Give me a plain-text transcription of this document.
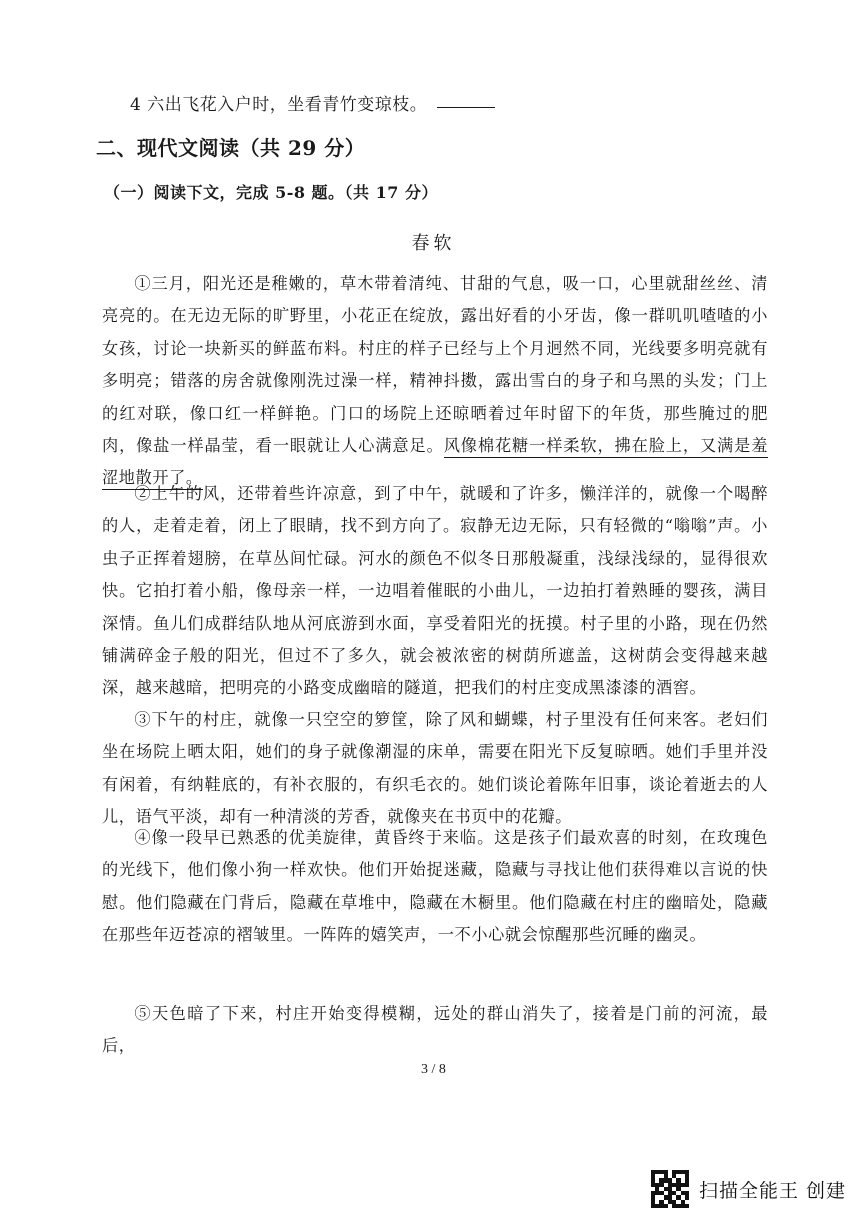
4 六出飞花入户时，坐看青竹变琼枝。
二、现代文阅读（共 29 分）
（一）阅读下文，完成 5-8 题。（共 17 分）
春软

①三月，阳光还是稚嫩的，草木带着清纯、甘甜的气息，吸一口，心里就甜丝丝、清亮亮的。在无边无际的旷野里，小花正在绽放，露出好看的小牙齿，像一群叽叽喳喳的小女孩，讨论一块新买的鲜蓝布料。村庄的样子已经与上个月迥然不同，光线要多明亮就有多明亮；错落的房舍就像刚洗过澡一样，精神抖擞，露出雪白的身子和乌黑的头发；门上的红对联，像口红一样鲜艳。门口的场院上还晾晒着过年时留下的年货，那些腌过的肥肉，像盐一样晶莹，看一眼就让人心满意足。风像棉花糖一样柔软，拂在脸上，又满是羞涩地散开了。

②上午的风，还带着些许凉意，到了中午，就暖和了许多，懒洋洋的，就像一个喝醉的人，走着走着，闭上了眼睛，找不到方向了。寂静无边无际，只有轻微的“嗡嗡”声。小虫子正挥着翅膀，在草丛间忙碌。河水的颜色不似冬日那般凝重，浅绿浅绿的，显得很欢快。它拍打着小船，像母亲一样，一边唱着催眠的小曲儿，一边拍打着熟睡的婴孩，满目深情。鱼儿们成群结队地从河底游到水面，享受着阳光的抚摸。村子里的小路，现在仍然铺满碎金子般的阳光，但过不了多久，就会被浓密的树荫所遮盖，这树荫会变得越来越深，越来越暗，把明亮的小路变成幽暗的隧道，把我们的村庄变成黑漆漆的酒窖。

③下午的村庄，就像一只空空的箩筐，除了风和蝴蝶，村子里没有任何来客。老妇们坐在场院上晒太阳，她们的身子就像潮湿的床单，需要在阳光下反复晾晒。她们手里并没有闲着，有纳鞋底的，有补衣服的，有织毛衣的。她们谈论着陈年旧事，谈论着逝去的人儿，语气平淡，却有一种清淡的芳香，就像夹在书页中的花瓣。

④像一段早已熟悉的优美旋律，黄昏终于来临。这是孩子们最欢喜的时刻，在玫瑰色的光线下，他们像小狗一样欢快。他们开始捉迷藏，隐藏与寻找让他们获得难以言说的快慰。他们隐藏在门背后，隐藏在草堆中，隐藏在木橱里。他们隐藏在村庄的幽暗处，隐藏在那些年迈苍凉的褶皱里。一阵阵的嬉笑声，一不小心就会惊醒那些沉睡的幽灵。

⑤天色暗了下来，村庄开始变得模糊，远处的群山消失了，接着是门前的河流，最后，

3 / 8
扫描全能王 创建
